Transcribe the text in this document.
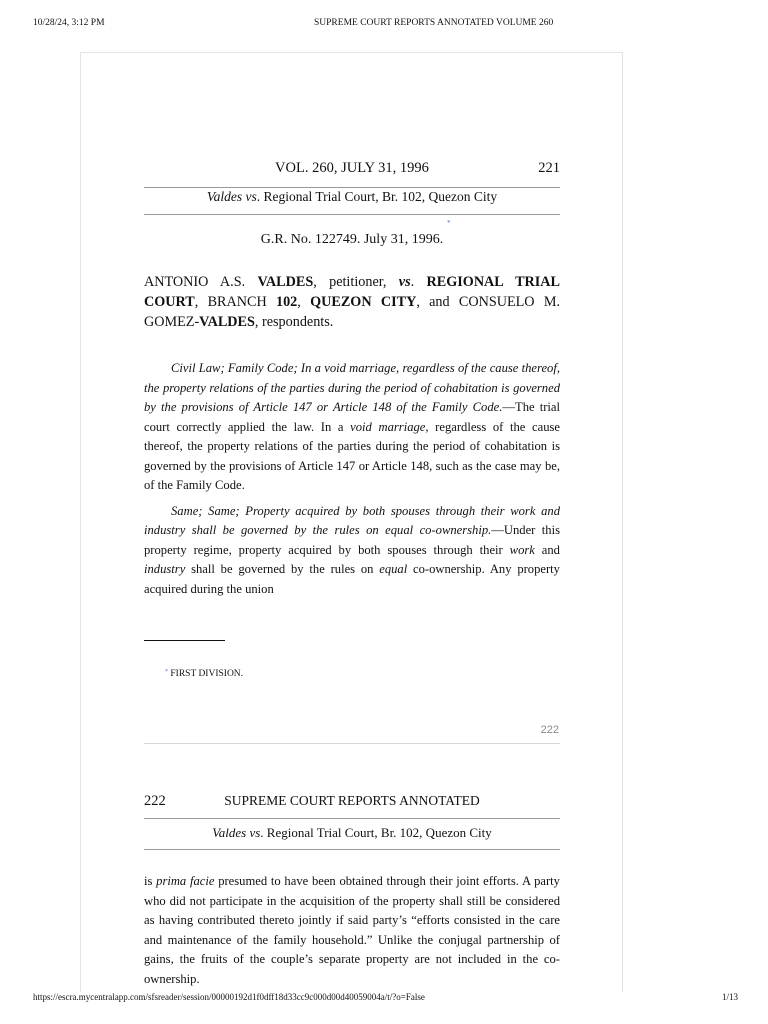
10/28/24, 3:12 PM	SUPREME COURT REPORTS ANNOTATED VOLUME 260
VOL. 260, JULY 31, 1996	221
Valdes vs. Regional Trial Court, Br. 102, Quezon City
*
G.R. No. 122749. July 31, 1996.
ANTONIO A.S. VALDES, petitioner, vs. REGIONAL TRIAL COURT, BRANCH 102, QUEZON CITY, and CONSUELO M. GOMEZ-VALDES, respondents.

Civil Law; Family Code; In a void marriage, regardless of the cause thereof, the property relations of the parties during the period of cohabitation is governed by the provisions of Article 147 or Article 148 of the Family Code.—The trial court correctly applied the law. In a void marriage, regardless of the cause thereof, the property relations of the parties during the period of cohabitation is governed by the provisions of Article 147 or Article 148, such as the case may be, of the Family Code.

Same; Same; Property acquired by both spouses through their work and industry shall be governed by the rules on equal co-ownership.—Under this property regime, property acquired by both spouses through their work and industry shall be governed by the rules on equal co-ownership. Any property acquired during the union

* FIRST DIVISION.
222
222	SUPREME COURT REPORTS ANNOTATED
Valdes vs. Regional Trial Court, Br. 102, Quezon City
is prima facie presumed to have been obtained through their joint efforts. A party who did not participate in the acquisition of the property shall still be considered as having contributed thereto jointly if said party’s “efforts consisted in the care and maintenance of the family household.” Unlike the conjugal partnership of gains, the fruits of the couple’s separate property are not included in the co-ownership.
https://escra.mycentralapp.com/sfsreader/session/00000192d1f0dff18d33cc9c000d00d40059004a/t/?o=False	1/13
